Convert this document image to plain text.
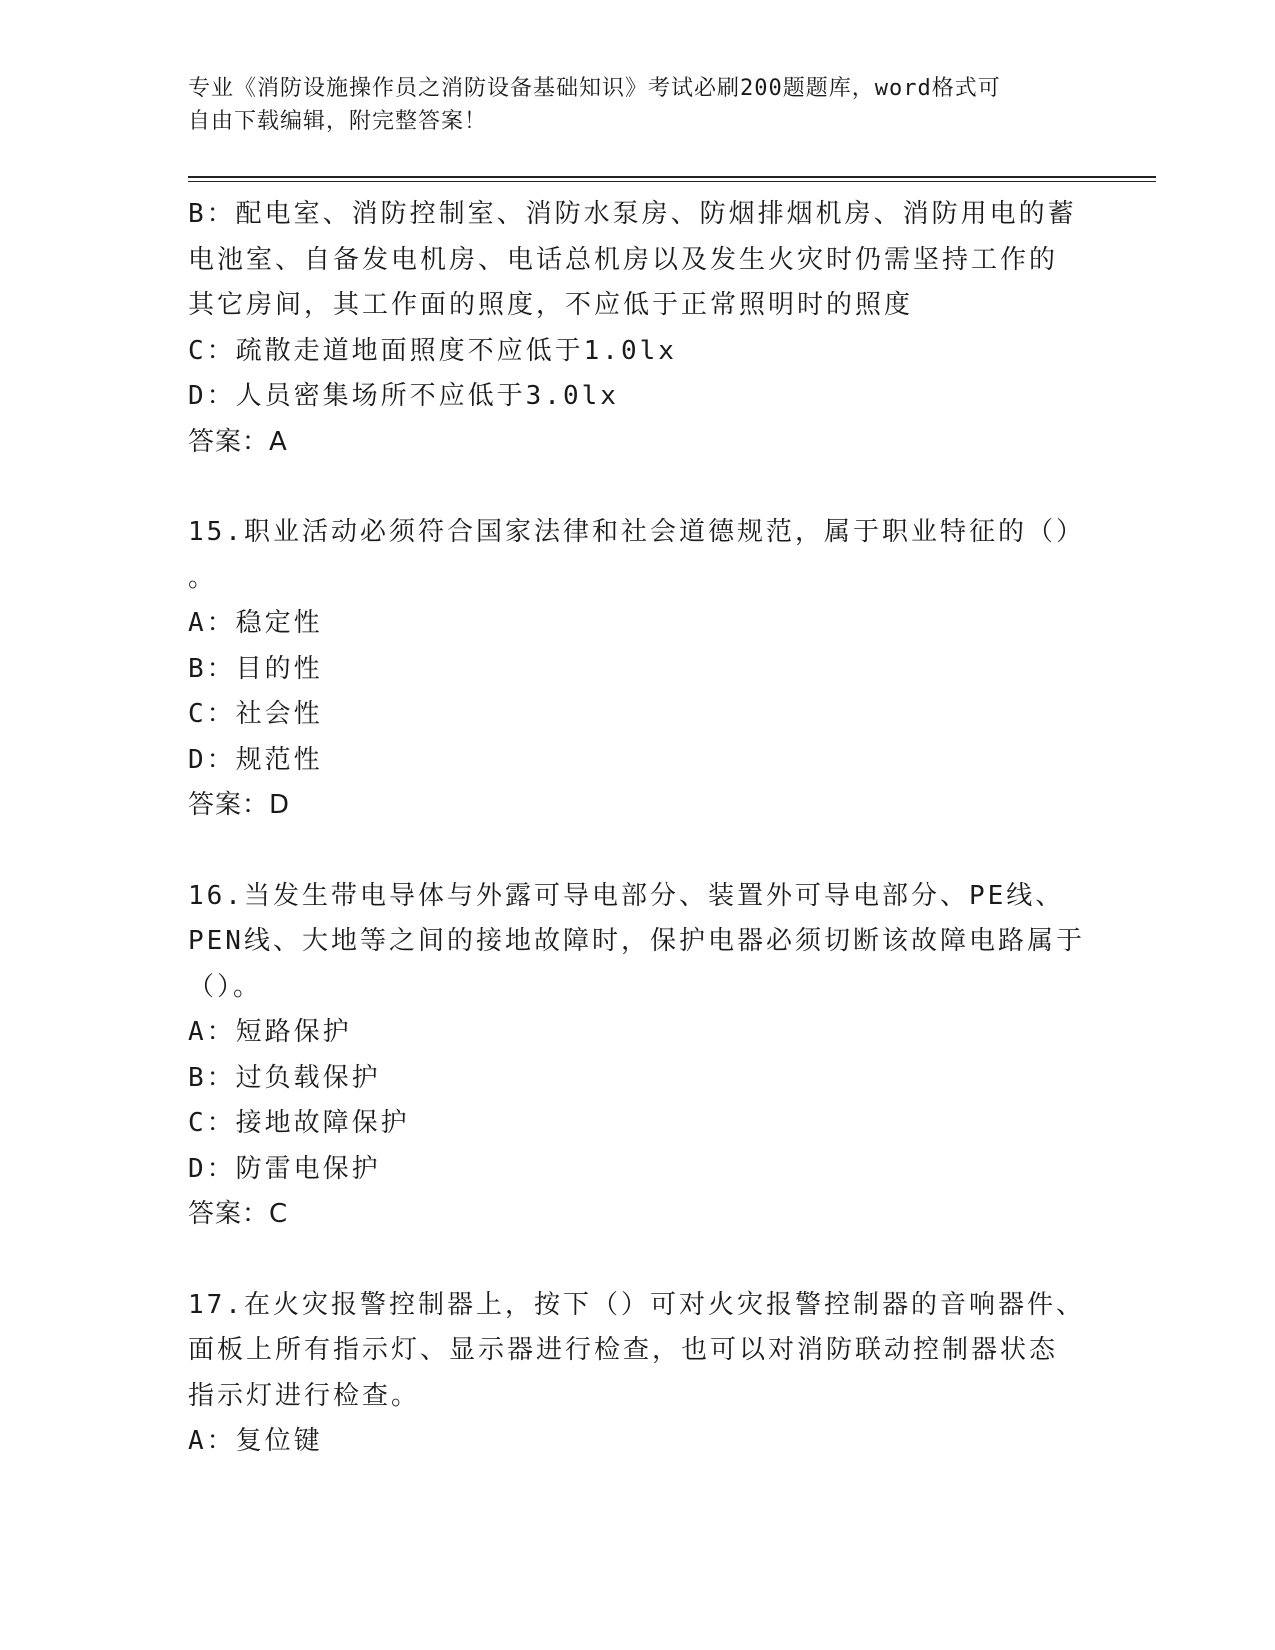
专业《消防设施操作员之消防设备基础知识》考试必刷200题题库，word格式可

自由下载编辑，附完整答案！

B：配电室、消防控制室、消防水泵房、防烟排烟机房、消防用电的蓄

电池室、自备发电机房、电话总机房以及发生火灾时仍需坚持工作的

其它房间，其工作面的照度，不应低于正常照明时的照度

C：疏散走道地面照度不应低于1.0lx

D：人员密集场所不应低于3.0lx

答案：A

15.职业活动必须符合国家法律和社会道德规范，属于职业特征的（）

。

A：稳定性

B：目的性

C：社会性

D：规范性

答案：D

16.当发生带电导体与外露可导电部分、装置外可导电部分、PE线、

PEN线、大地等之间的接地故障时，保护电器必须切断该故障电路属于

（）。

A：短路保护

B：过负载保护

C：接地故障保护

D：防雷电保护

答案：C

17.在火灾报警控制器上，按下（）可对火灾报警控制器的音响器件、

面板上所有指示灯、显示器进行检查，也可以对消防联动控制器状态

指示灯进行检查。

A：复位键
